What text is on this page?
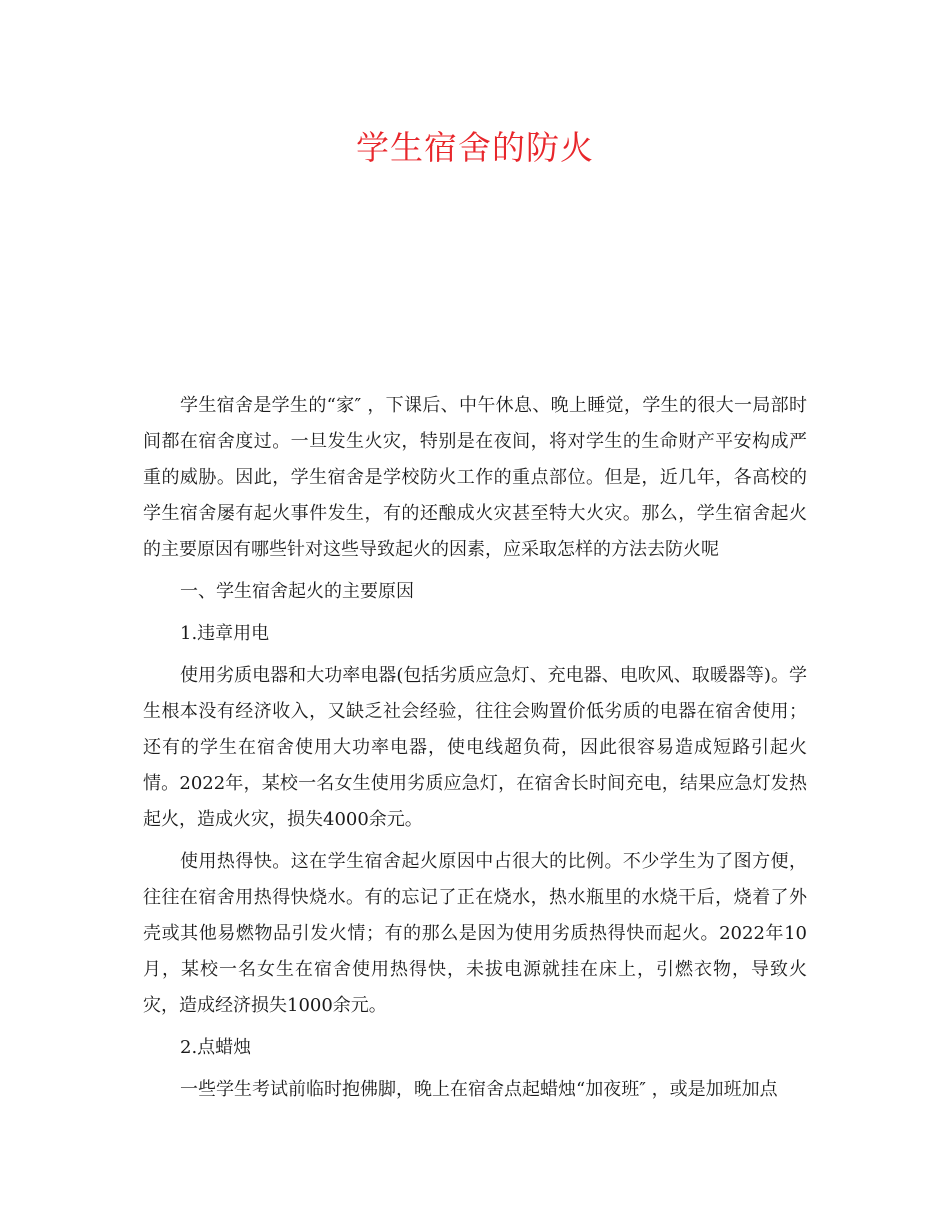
学生宿舍的防火

学生宿舍是学生的“家″ ，下课后、中午休息、晚上睡觉，学生的很大一局部时间都在宿舍度过。一旦发生火灾，特别是在夜间，将对学生的生命财产平安构成严重的威胁。因此，学生宿舍是学校防火工作的重点部位。但是，近几年，各高校的学生宿舍屡有起火事件发生，有的还酿成火灾甚至特大火灾。那么，学生宿舍起火的主要原因有哪些针对这些导致起火的因素，应采取怎样的方法去防火呢

一、学生宿舍起火的主要原因

1.违章用电

使用劣质电器和大功率电器(包括劣质应急灯、充电器、电吹风、取暖器等)。学生根本没有经济收入，又缺乏社会经验，往往会购置价低劣质的电器在宿舍使用；还有的学生在宿舍使用大功率电器，使电线超负荷，因此很容易造成短路引起火情。2022年，某校一名女生使用劣质应急灯，在宿舍长时间充电，结果应急灯发热起火，造成火灾，损失4000余元。

使用热得快。这在学生宿舍起火原因中占很大的比例。不少学生为了图方便，往往在宿舍用热得快烧水。有的忘记了正在烧水，热水瓶里的水烧干后，烧着了外壳或其他易燃物品引发火情；有的那么是因为使用劣质热得快而起火。2022年10月，某校一名女生在宿舍使用热得快，未拔电源就挂在床上，引燃衣物，导致火 灾，造成经济损失1000余元。

2.点蜡烛

一些学生考试前临时抱佛脚，晚上在宿舍点起蜡烛“加夜班″ ，或是加班加点
